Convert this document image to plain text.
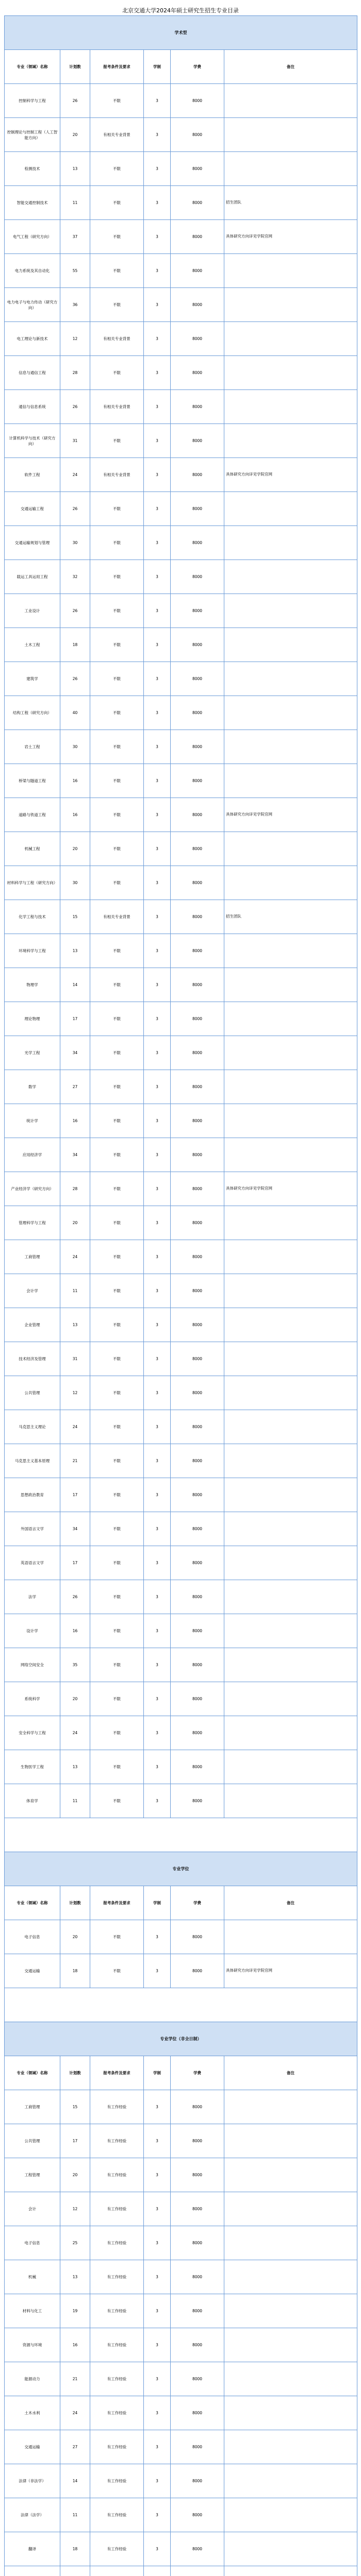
北京交通大学2024年硕士研究生招生专业目录
学术型					
专业（领域）名称	计划数	报考条件及要求	学制	学费	备注
控制科学与工程	26	不限	3	8000	
控制理论与控制工程（人工智能方向）	20	有相关专业背景	3	8000	
检测技术	13	不限	3	8000	
智能交通控制技术	11	不限	3	8000	招生团队
电气工程（研究方向）	37	不限	3	8000	具体研究方向详见学院官网
电力系统及其自动化	55	不限	3	8000	
电力电子与电力传动（研究方向）	36	不限	3	8000	
电工理论与新技术	12	有相关专业背景	3	8000	
信息与通信工程	28	不限	3	8000	
通信与信息系统	26	有相关专业背景	3	8000	
计算机科学与技术（研究方向）	31	不限	3	8000	
软件工程	24	有相关专业背景	3	8000	具体研究方向详见学院官网
交通运输工程	26	不限	3	8000	
交通运输规划与管理	30	不限	3	8000	
载运工具运用工程	32	不限	3	8000	
工业设计	26	不限	3	8000	
土木工程	18	不限	3	8000	
建筑学	26	不限	3	8000	
结构工程（研究方向）	40	不限	3	8000	
岩土工程	30	不限	3	8000	
桥梁与隧道工程	16	不限	3	8000	
道路与铁道工程	16	不限	3	8000	具体研究方向详见学院官网
机械工程	20	不限	3	8000	
材料科学与工程（研究方向）	30	不限	3	8000	
化学工程与技术	15	有相关专业背景	3	8000	招生团队
环境科学与工程	13	不限	3	8000	
物理学	14	不限	3	8000	
理论物理	17	不限	3	8000	
光学工程	34	不限	3	8000	
数学	27	不限	3	8000	
统计学	16	不限	3	8000	
应用经济学	34	不限	3	8000	
产业经济学（研究方向）	28	不限	3	8000	具体研究方向详见学院官网
管理科学与工程	20	不限	3	8000	
工商管理	24	不限	3	8000	
会计学	11	不限	3	8000	
企业管理	13	不限	3	8000	
技术经济及管理	31	不限	3	8000	
公共管理	12	不限	3	8000	
马克思主义理论	24	不限	3	8000	
马克思主义基本原理	21	不限	3	8000	
思想政治教育	17	不限	3	8000	
外国语言文学	34	不限	3	8000	
英语语言文学	17	不限	3	8000	
法学	26	不限	3	8000	
设计学	16	不限	3	8000	
网络空间安全	35	不限	3	8000	
系统科学	20	不限	3	8000	
安全科学与工程	24	不限	3	8000	
生物医学工程	13	不限	3	8000	
体育学	11	不限	3	8000	

专业学位					
专业（领域）名称	计划数	报考条件及要求	学制	学费	备注
电子信息	20	不限	3	8000	
交通运输	18	不限	3	8000	具体研究方向详见学院官网

专业学位（非全日制）					
专业（领域）名称	计划数	报考条件及要求	学制	学费	备注
工商管理	15	有工作经验	3	8000	
公共管理	17	有工作经验	3	8000	
工程管理	20	有工作经验	3	8000	
会计	12	有工作经验	3	8000	
电子信息	25	有工作经验	3	8000	
机械	13	有工作经验	3	8000	
材料与化工	19	有工作经验	3	8000	
资源与环境	16	有工作经验	3	8000	
能源动力	21	有工作经验	3	8000	
土木水利	24	有工作经验	3	8000	
交通运输	27	有工作经验	3	8000	
法律（非法学）	14	有工作经验	3	8000	
法律（法学）	11	有工作经验	3	8000	
翻译	18	有工作经验	3	8000	
